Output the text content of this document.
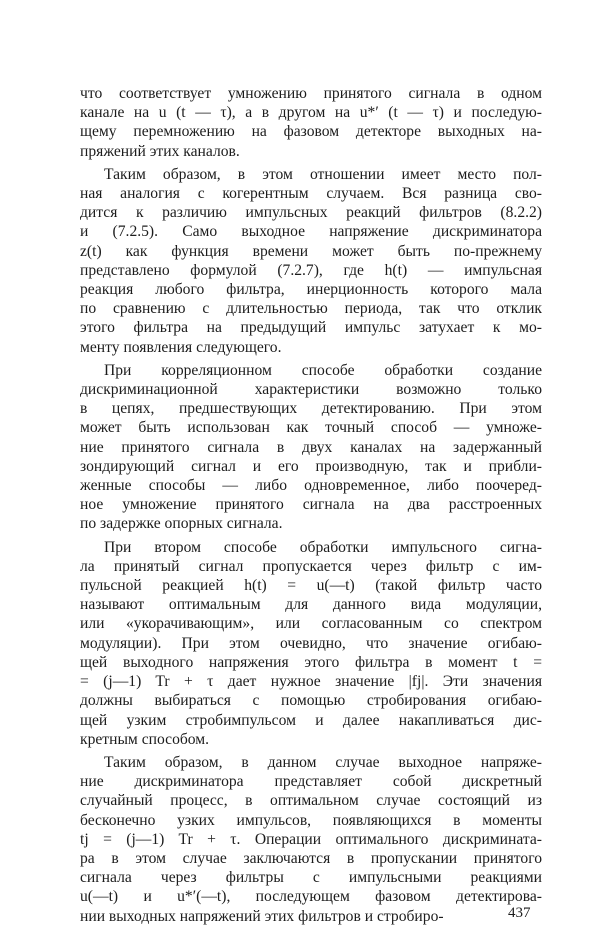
что соответствует умножению принятого сигнала в одном
канале на u (t — τ), а в другом на u*′ (t — τ) и последую-
щему перемножению на фазовом детекторе выходных на-
пряжений этих каналов.
Таким образом, в этом отношении имеет место пол-
ная аналогия с когерентным случаем. Вся разница сво-
дится к различию импульсных реакций фильтров (8.2.2)
и (7.2.5). Само выходное напряжение дискриминатора
z(t) как функция времени может быть по-прежнему
представлено формулой (7.2.7), где h(t) — импульсная
реакция любого фильтра, инерционность которого мала
по сравнению с длительностью периода, так что отклик
этого фильтра на предыдущий импульс затухает к мо-
менту появления следующего.
При корреляционном способе обработки создание
дискриминационной характеристики возможно только
в цепях, предшествующих детектированию. При этом
может быть использован как точный способ — умноже-
ние принятого сигнала в двух каналах на задержанный
зондирующий сигнал и его производную, так и прибли-
женные способы — либо одновременное, либо поочеред-
ное умножение принятого сигнала на два расстроенных
по задержке опорных сигнала.
При втором способе обработки импульсного сигна-
ла принятый сигнал пропускается через фильтр с им-
пульсной реакцией h(t) = u(—t) (такой фильтр часто
называют оптимальным для данного вида модуляции,
или «укорачивающим», или согласованным со спектром
модуляции). При этом очевидно, что значение огибаю-
щей выходного напряжения этого фильтра в момент t =
= (j—1) Tr + τ дает нужное значение |fj|. Эти значения
должны выбираться с помощью стробирования огибаю-
щей узким стробимпульсом и далее накапливаться дис-
кретным способом.
Таким образом, в данном случае выходное напряже-
ние дискриминатора представляет собой дискретный
случайный процесс, в оптимальном случае состоящий из
бесконечно узких импульсов, появляющихся в моменты
tj = (j—1) Tr + τ. Операции оптимального дискримината-
ра в этом случае заключаются в пропускании принятого
сигнала через фильтры с импульсными реакциями
u(—t) и u*′(—t), последующем фазовом детектирова-
нии выходных напряжений этих фильтров и стробиро-	437
